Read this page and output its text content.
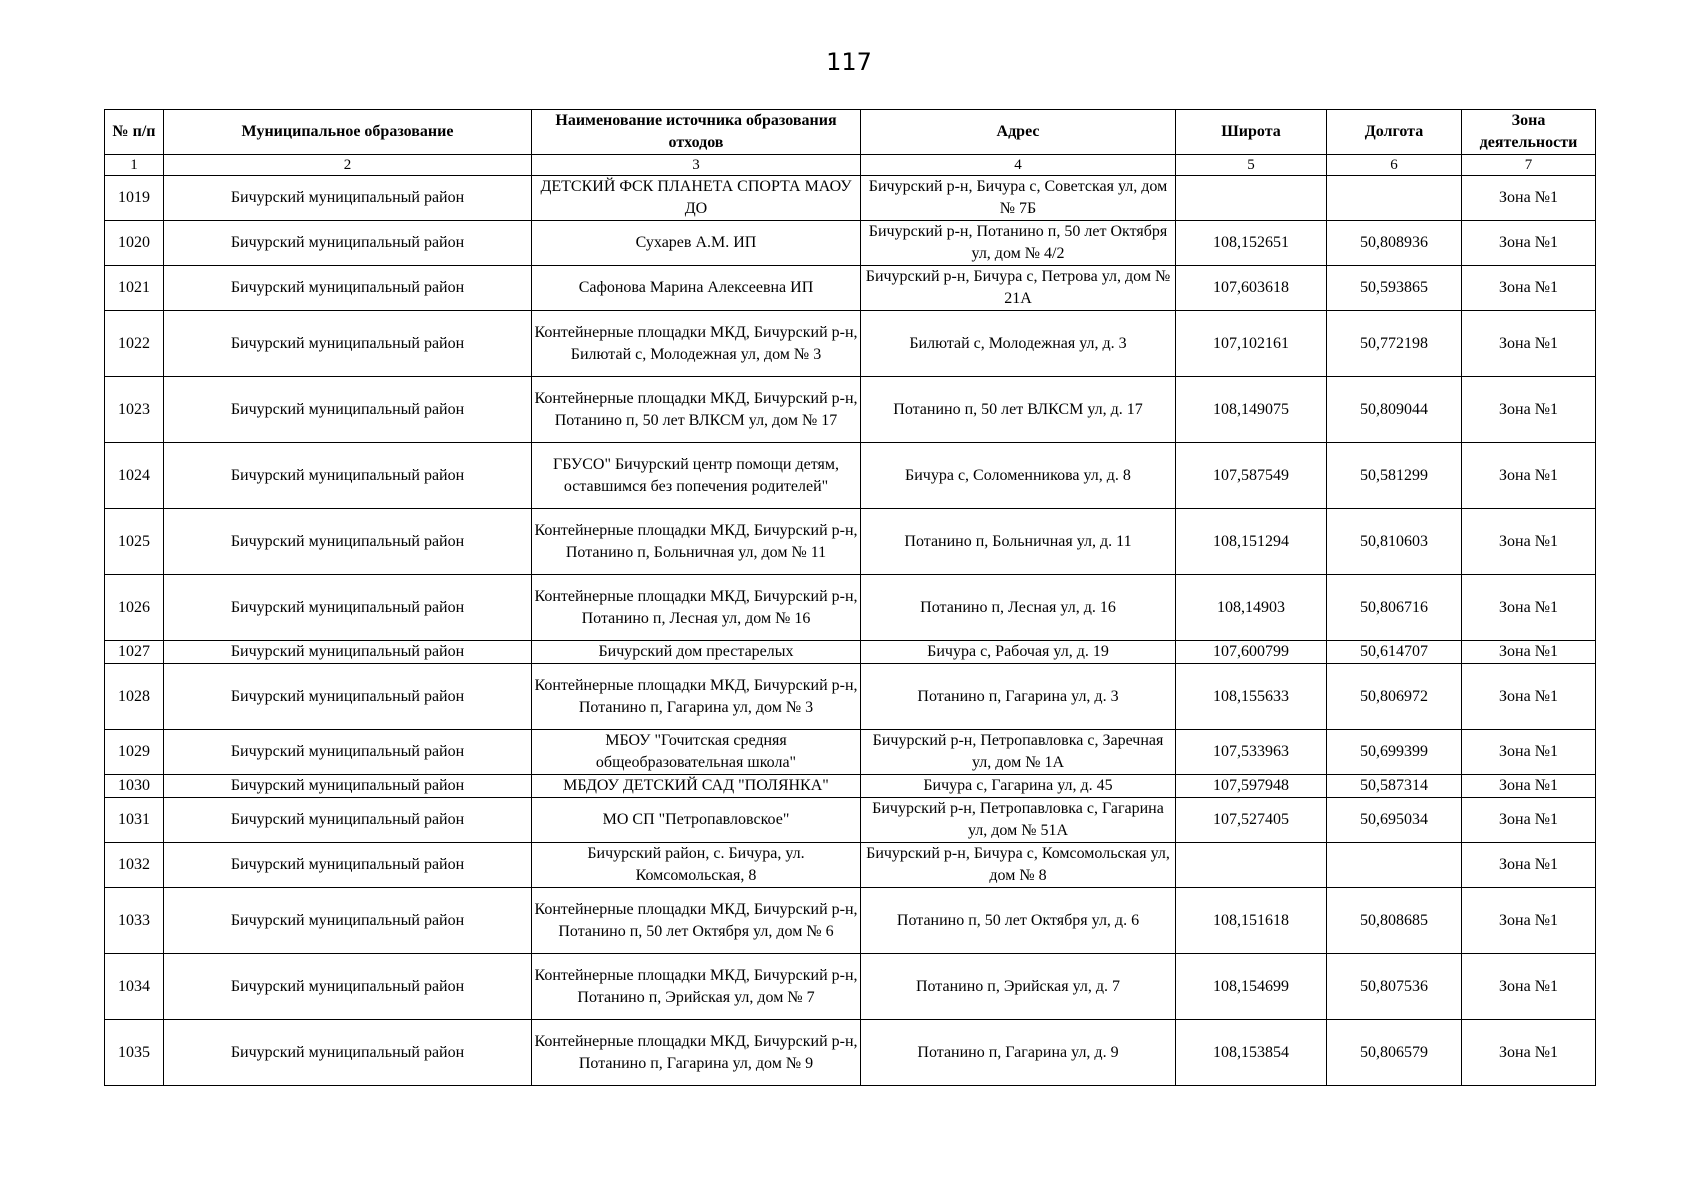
117
№ п/п	Муниципальное образование	Наименование источника образования отходов	Адрес	Широта	Долгота	Зона деятельности
1	2	3	4	5	6	7
1019	Бичурский муниципальный район	ДЕТСКИЙ ФСК ПЛАНЕТА СПОРТА МАОУ ДО	Бичурский р-н, Бичура с, Советская ул, дом № 7Б			Зона №1
1020	Бичурский муниципальный район	Сухарев А.М. ИП	Бичурский р-н, Потанино п, 50 лет Октября ул, дом № 4/2	108,152651	50,808936	Зона №1
1021	Бичурский муниципальный район	Сафонова Марина Алексеевна ИП	Бичурский р-н, Бичура с, Петрова ул, дом № 21А	107,603618	50,593865	Зона №1
1022	Бичурский муниципальный район	Контейнерные площадки МКД, Бичурский р-н, Билютай с, Молодежная ул, дом № 3	Билютай с, Молодежная ул, д. 3	107,102161	50,772198	Зона №1
1023	Бичурский муниципальный район	Контейнерные площадки МКД, Бичурский р-н, Потанино п, 50 лет ВЛКСМ ул, дом № 17	Потанино п, 50 лет ВЛКСМ ул, д. 17	108,149075	50,809044	Зона №1
1024	Бичурский муниципальный район	ГБУСО" Бичурский центр помощи детям, оставшимся без попечения родителей"	Бичура с, Соломенникова ул, д. 8	107,587549	50,581299	Зона №1
1025	Бичурский муниципальный район	Контейнерные площадки МКД, Бичурский р-н, Потанино п, Больничная ул, дом № 11	Потанино п, Больничная ул, д. 11	108,151294	50,810603	Зона №1
1026	Бичурский муниципальный район	Контейнерные площадки МКД, Бичурский р-н, Потанино п, Лесная ул, дом № 16	Потанино п, Лесная ул, д. 16	108,14903	50,806716	Зона №1
1027	Бичурский муниципальный район	Бичурский дом престарелых	Бичура с, Рабочая ул, д. 19	107,600799	50,614707	Зона №1
1028	Бичурский муниципальный район	Контейнерные площадки МКД, Бичурский р-н, Потанино п, Гагарина ул, дом № 3	Потанино п, Гагарина ул, д. 3	108,155633	50,806972	Зона №1
1029	Бичурский муниципальный район	МБОУ "Гочитская средняя общеобразовательная школа"	Бичурский р-н, Петропавловка с, Заречная ул, дом № 1А	107,533963	50,699399	Зона №1
1030	Бичурский муниципальный район	МБДОУ ДЕТСКИЙ САД "ПОЛЯНКА"	Бичура с, Гагарина ул, д. 45	107,597948	50,587314	Зона №1
1031	Бичурский муниципальный район	МО СП "Петропавловское"	Бичурский р-н, Петропавловка с, Гагарина ул, дом № 51А	107,527405	50,695034	Зона №1
1032	Бичурский муниципальный район	Бичурский район, с. Бичура, ул. Комсомольская, 8	Бичурский р-н, Бичура с, Комсомольская ул, дом № 8			Зона №1
1033	Бичурский муниципальный район	Контейнерные площадки МКД, Бичурский р-н, Потанино п, 50 лет Октября ул, дом № 6	Потанино п, 50 лет Октября ул, д. 6	108,151618	50,808685	Зона №1
1034	Бичурский муниципальный район	Контейнерные площадки МКД, Бичурский р-н, Потанино п, Эрийская ул, дом № 7	Потанино п, Эрийская ул, д. 7	108,154699	50,807536	Зона №1
1035	Бичурский муниципальный район	Контейнерные площадки МКД, Бичурский р-н, Потанино п, Гагарина ул, дом № 9	Потанино п, Гагарина ул, д. 9	108,153854	50,806579	Зона №1
